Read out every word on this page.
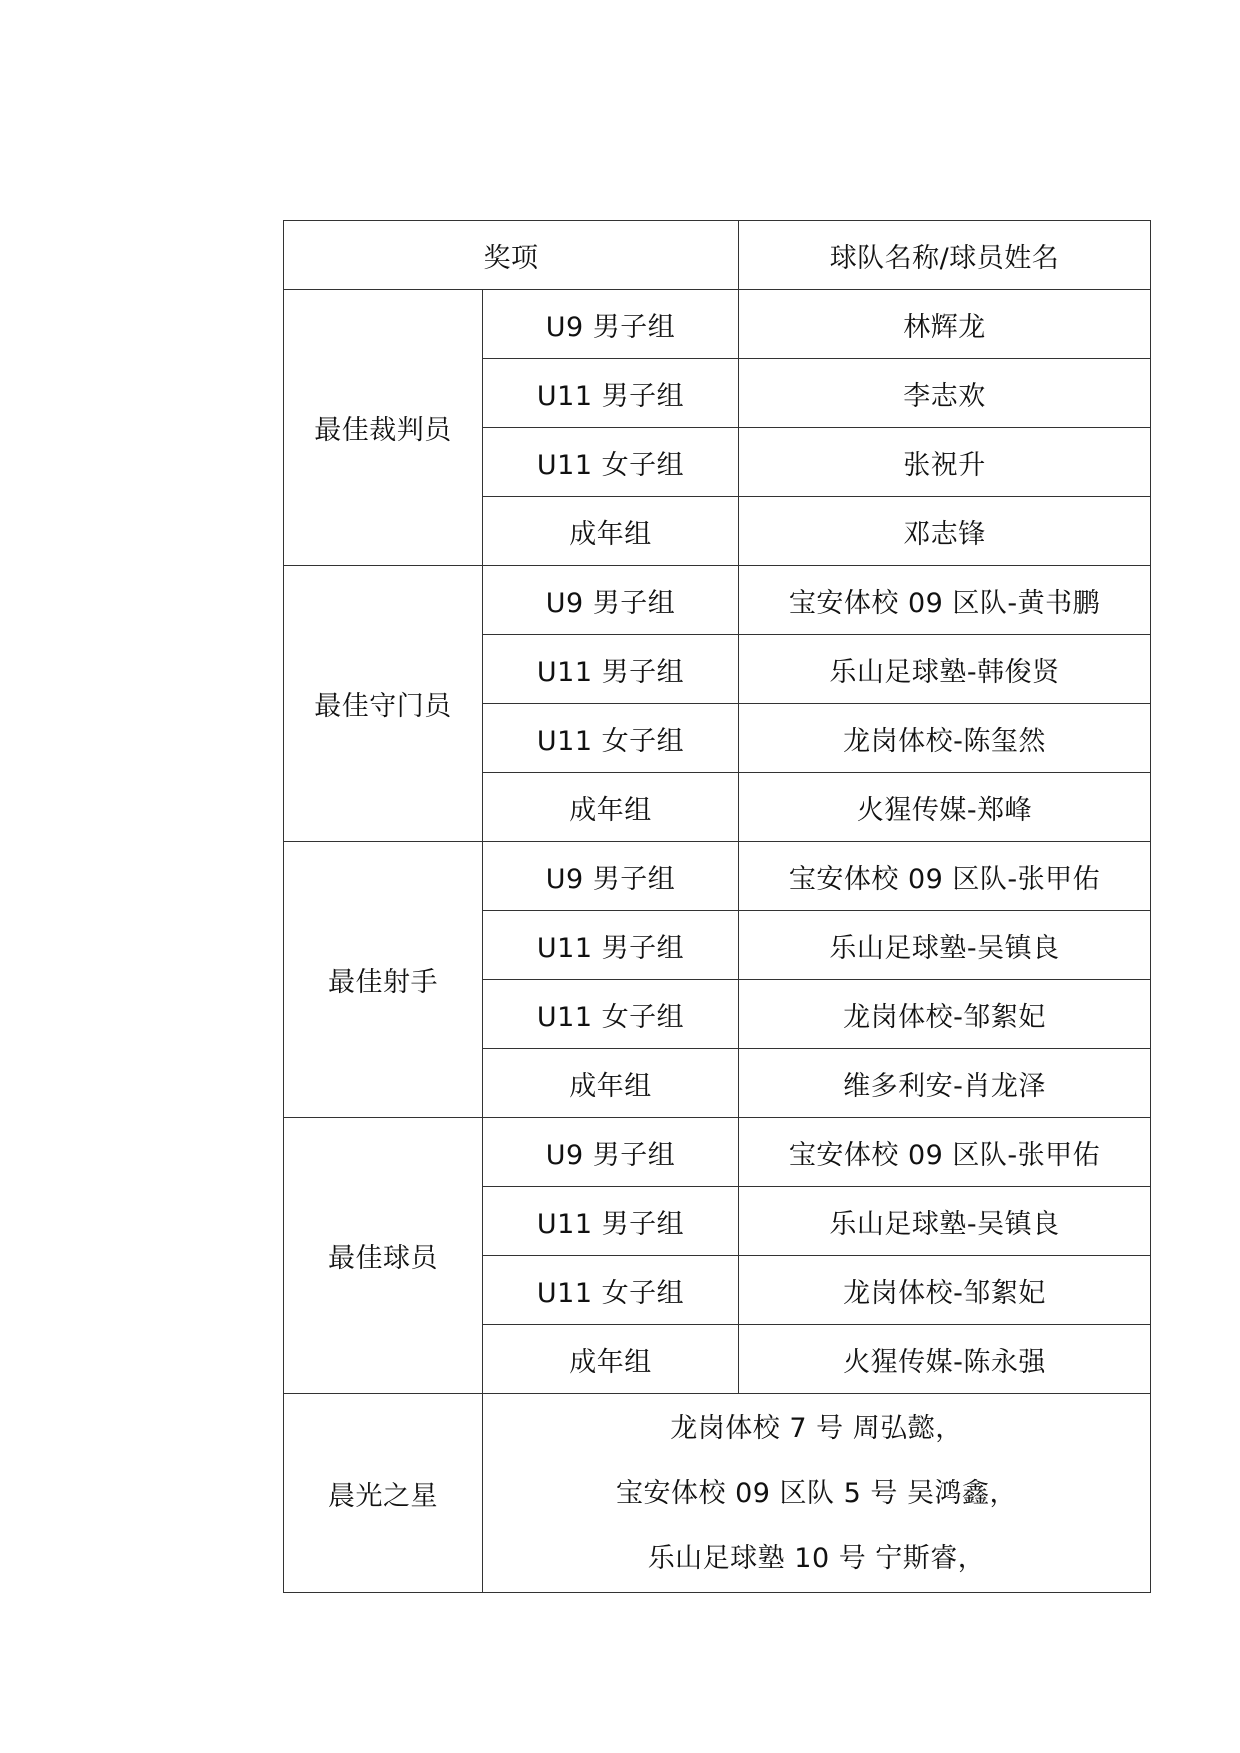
奖项		球队名称/球员姓名
最佳裁判员	U9 男子组	林辉龙
	U11 男子组	李志欢
	U11 女子组	张祝升
	成年组	邓志锋
最佳守门员	U9 男子组	宝安体校 09 区队-黄书鹏
	U11 男子组	乐山足球塾-韩俊贤
	U11 女子组	龙岗体校-陈玺然
	成年组	火猩传媒-郑峰
最佳射手	U9 男子组	宝安体校 09 区队-张甲佑
	U11 男子组	乐山足球塾-吴镇良
	U11 女子组	龙岗体校-邹絮妃
	成年组	维多利安-肖龙泽
最佳球员	U9 男子组	宝安体校 09 区队-张甲佑
	U11 男子组	乐山足球塾-吴镇良
	U11 女子组	龙岗体校-邹絮妃
	成年组	火猩传媒-陈永强
晨光之星	龙岗体校 7 号 周弘懿，
宝安体校 09 区队 5 号 吴鸿鑫，
乐山足球塾 10 号 宁斯睿，	
